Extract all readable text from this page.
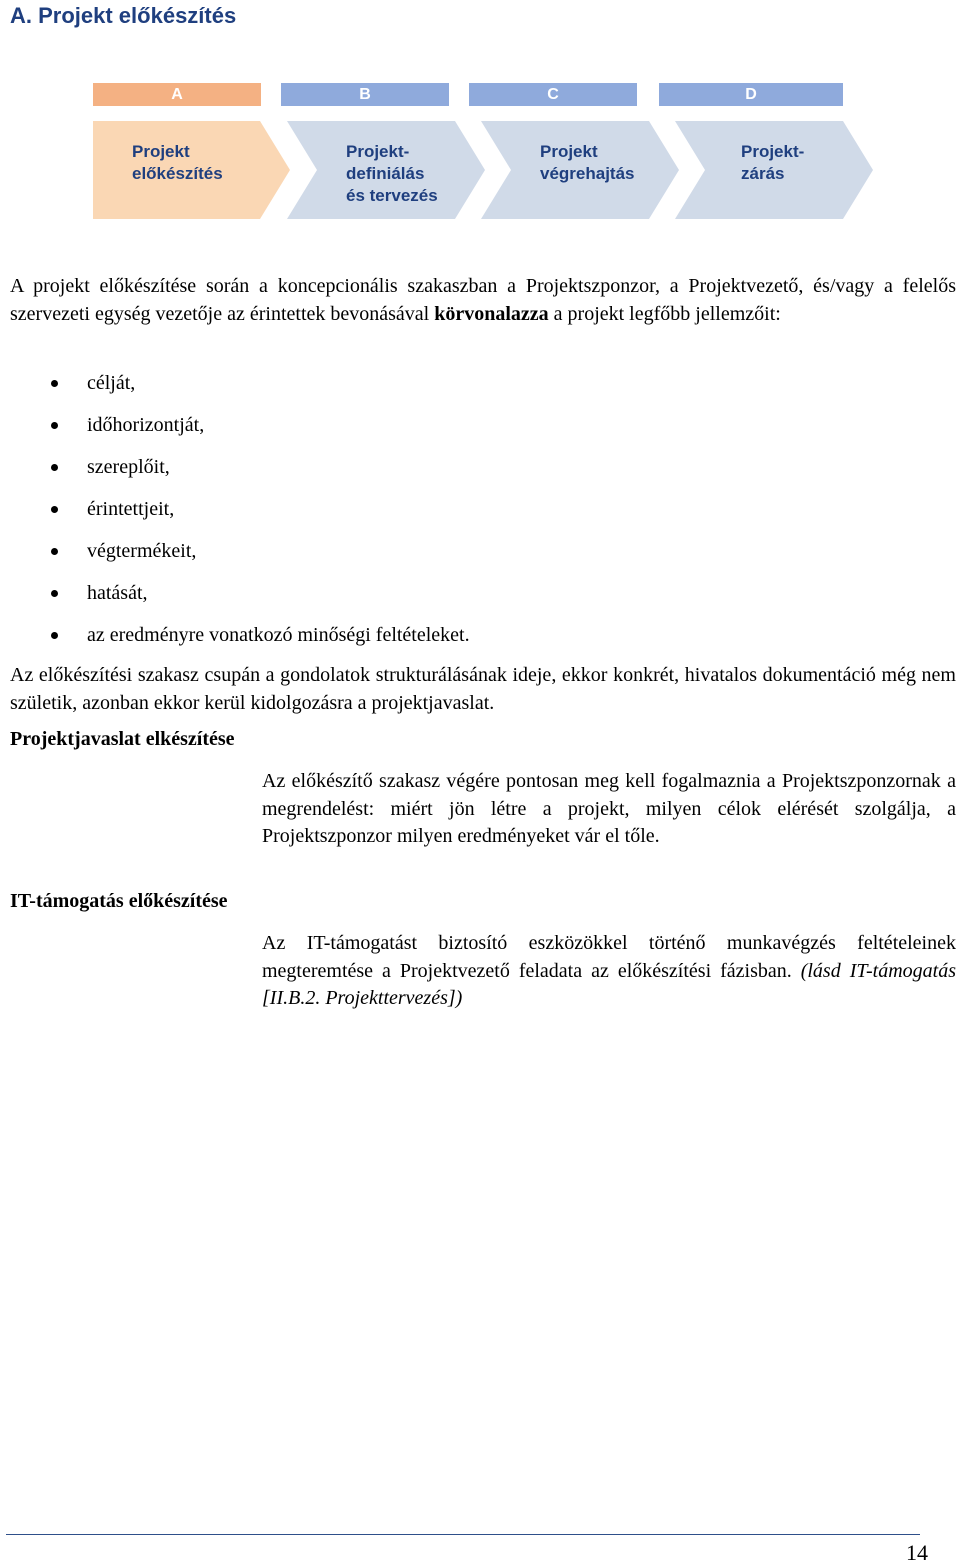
A. Projekt előkészítés
A	B	C	D
Projekt
előkészítés
Projekt-
definiálás
és tervezés
Projekt
végrehajtás
Projekt-
zárás

A projekt előkészítése során a koncepcionális szakaszban a Projektszponzor, a Projektvezető, és/vagy a felelős szervezeti egység vezetője az érintettek bevonásával körvonalazza a projekt legfőbb jellemzőit:

célját,
időhorizontját,
szereplőit,
érintettjeit,
végtermékeit,
hatását,
az eredményre vonatkozó minőségi feltételeket.

Az előkészítési szakasz csupán a gondolatok strukturálásának ideje, ekkor konkrét, hivatalos dokumentáció még nem születik, azonban ekkor kerül kidolgozásra a projektjavaslat.

Projektjavaslat elkészítése

Az előkészítő szakasz végére pontosan meg kell fogalmaznia a Projektszponzornak a megrendelést: miért jön létre a projekt, milyen célok elérését szolgálja, a Projektszponzor milyen eredményeket vár el tőle.

IT-támogatás előkészítése

Az IT-támogatást biztosító eszközökkel történő munkavégzés feltételeinek megteremtése a Projektvezető feladata az előkészítési fázisban. (lásd IT-támogatás [II.B.2. Projekttervezés])

14
